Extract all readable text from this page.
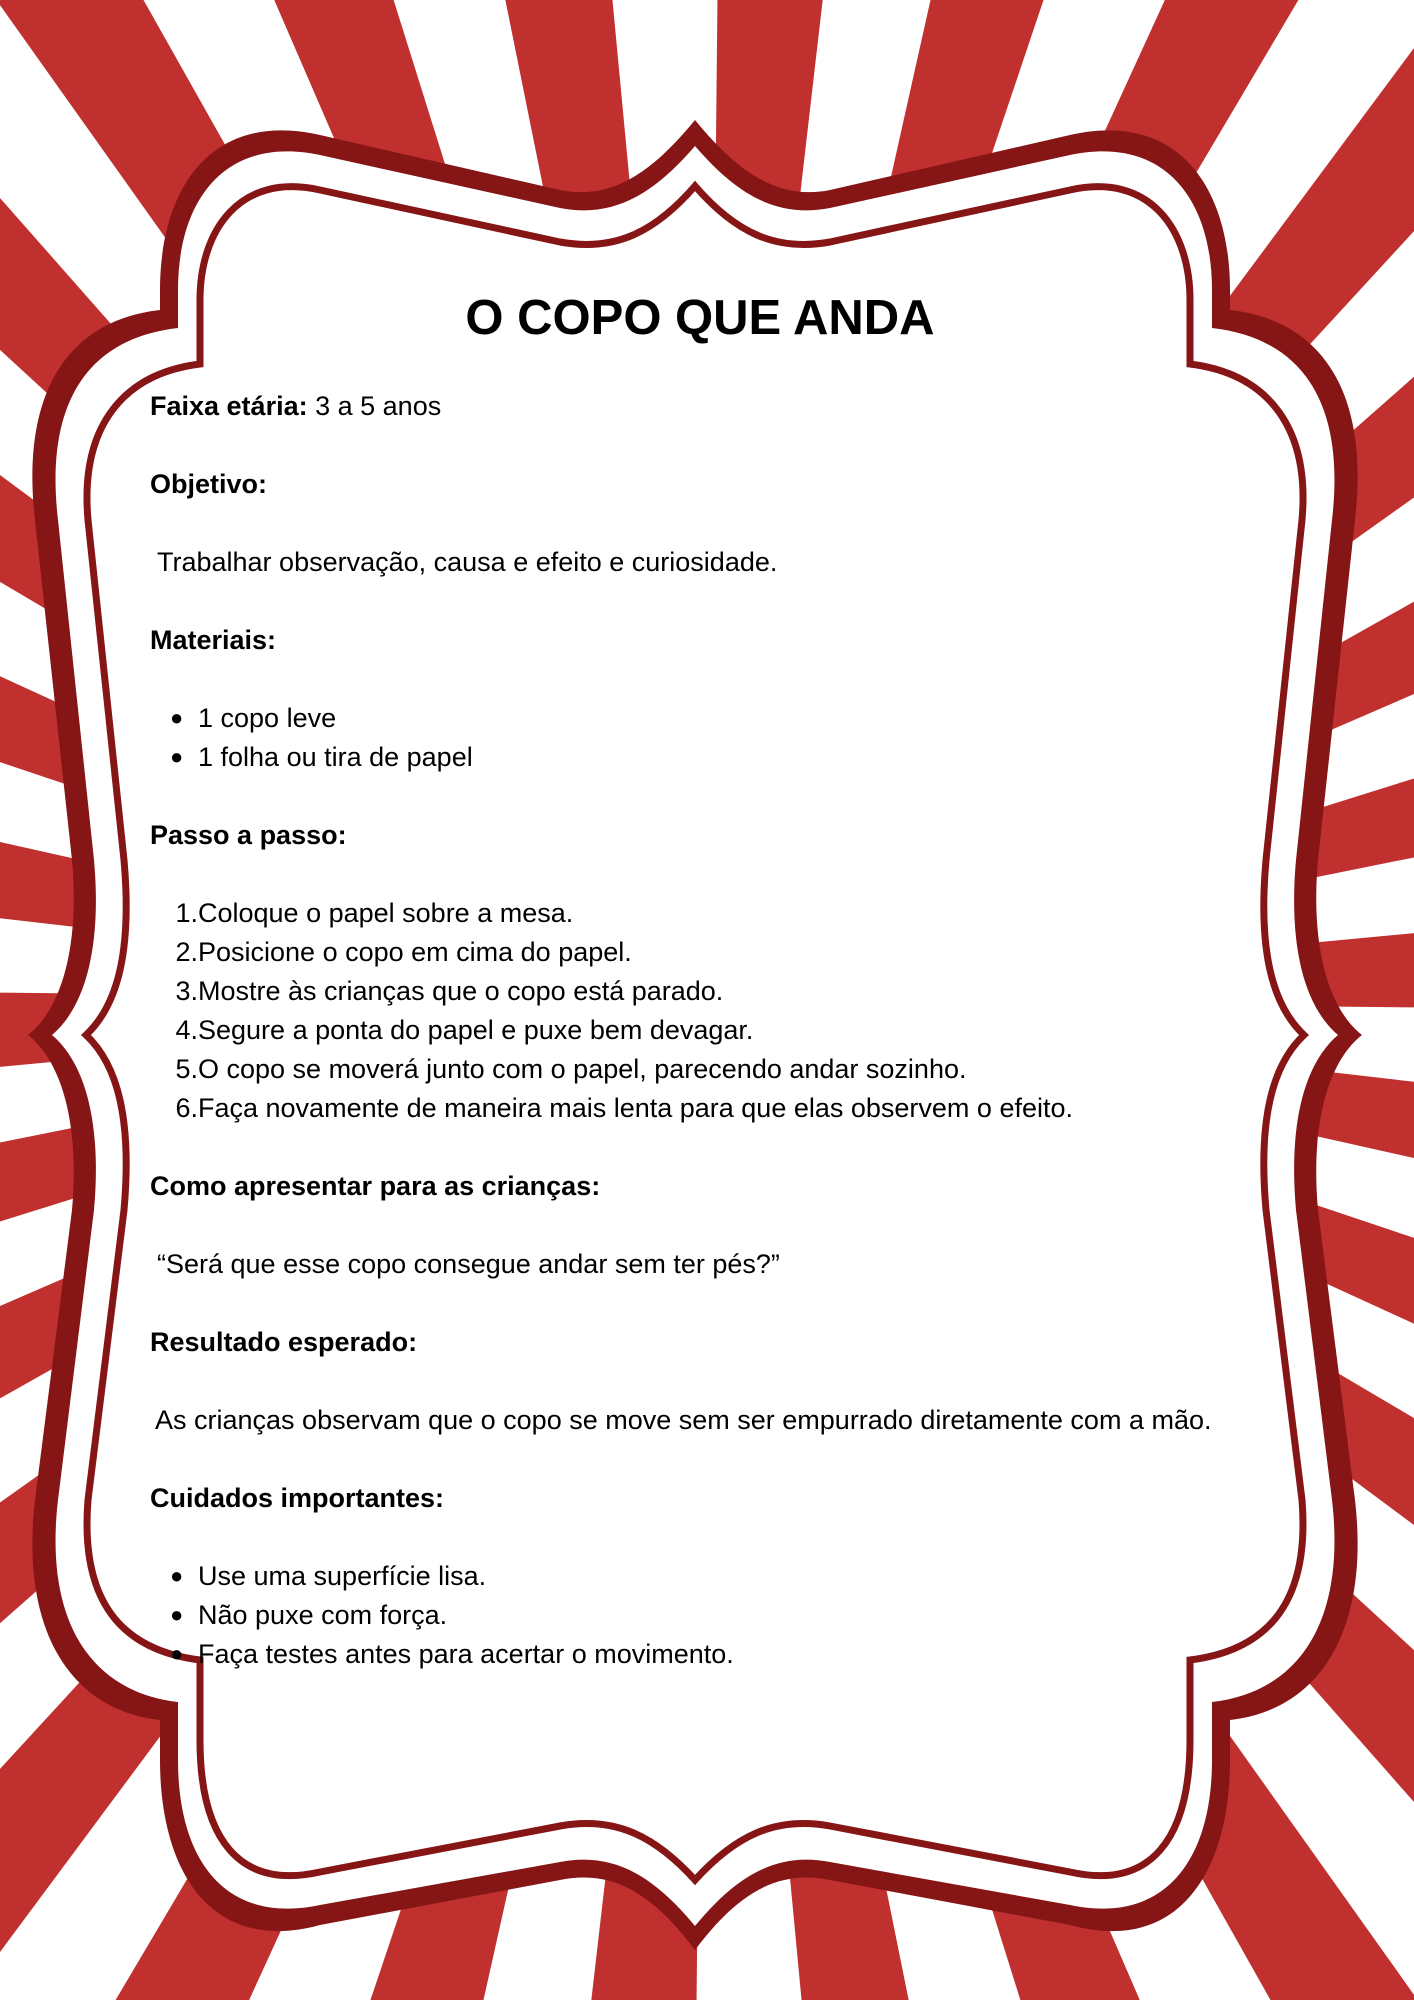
O COPO QUE ANDA
Faixa etária: 3 a 5 anos
Objetivo:
Trabalhar observação, causa e efeito e curiosidade.
Materiais:
● 1 copo leve
● 1 folha ou tira de papel
Passo a passo:
1. Coloque o papel sobre a mesa.
2. Posicione o copo em cima do papel.
3. Mostre às crianças que o copo está parado.
4. Segure a ponta do papel e puxe bem devagar.
5. O copo se moverá junto com o papel, parecendo andar sozinho.
6. Faça novamente de maneira mais lenta para que elas observem o efeito.
Como apresentar para as crianças:
“Será que esse copo consegue andar sem ter pés?”
Resultado esperado:
As crianças observam que o copo se move sem ser empurrado diretamente com a mão.
Cuidados importantes:
● Use uma superfície lisa.
● Não puxe com força.
● Faça testes antes para acertar o movimento.
